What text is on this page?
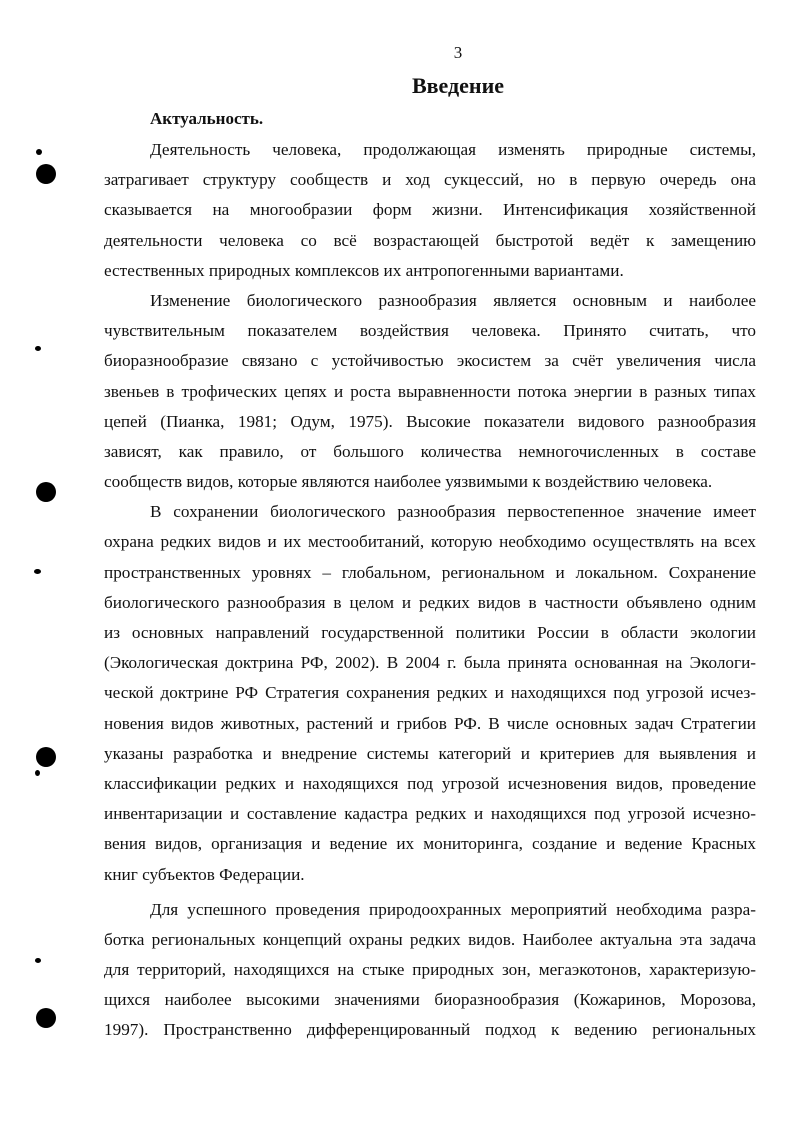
3
Введение
Актуальность.
Деятельность человека, продолжающая изменять природные системы,
затрагивает структуру сообществ и ход сукцессий, но в первую очередь она
сказывается на многообразии форм жизни. Интенсификация хозяйственной
деятельности человека со всё возрастающей быстротой ведёт к замещению
естественных природных комплексов их антропогенными вариантами.
Изменение биологического разнообразия является основным и наиболее
чувствительным показателем воздействия человека. Принято считать, что
биоразнообразие связано с устойчивостью экосистем за счёт увеличения числа
звеньев в трофических цепях и роста выравненности потока энергии в разных типах
цепей (Пианка, 1981; Одум, 1975). Высокие показатели видового разнообразия
зависят, как правило, от большого количества немногочисленных в составе
сообществ видов, которые являются наиболее уязвимыми к воздействию человека.
В сохранении биологического разнообразия первостепенное значение имеет
охрана редких видов и их местообитаний, которую необходимо осуществлять на всех
пространственных уровнях – глобальном, региональном и локальном. Сохранение
биологического разнообразия в целом и редких видов в частности объявлено одним
из основных направлений государственной политики России в области экологии
(Экологическая доктрина РФ, 2002). В 2004 г. была принята основанная на Экологи-
ческой доктрине РФ Стратегия сохранения редких и находящихся под угрозой исчез-
новения видов животных, растений и грибов РФ. В числе основных задач Стратегии
указаны разработка и внедрение системы категорий и критериев для выявления и
классификации редких и находящихся под угрозой исчезновения видов, проведение
инвентаризации и составление кадастра редких и находящихся под угрозой исчезно-
вения видов, организация и ведение их мониторинга, создание и ведение Красных
книг субъектов Федерации.
Для успешного проведения природоохранных мероприятий необходима разра-
ботка региональных концепций охраны редких видов. Наиболее актуальна эта задача
для территорий, находящихся на стыке природных зон, мегаэкотонов, характеризую-
щихся наиболее высокими значениями биоразнообразия (Кожаринов, Морозова,
1997). Пространственно дифференцированный подход к ведению региональных
